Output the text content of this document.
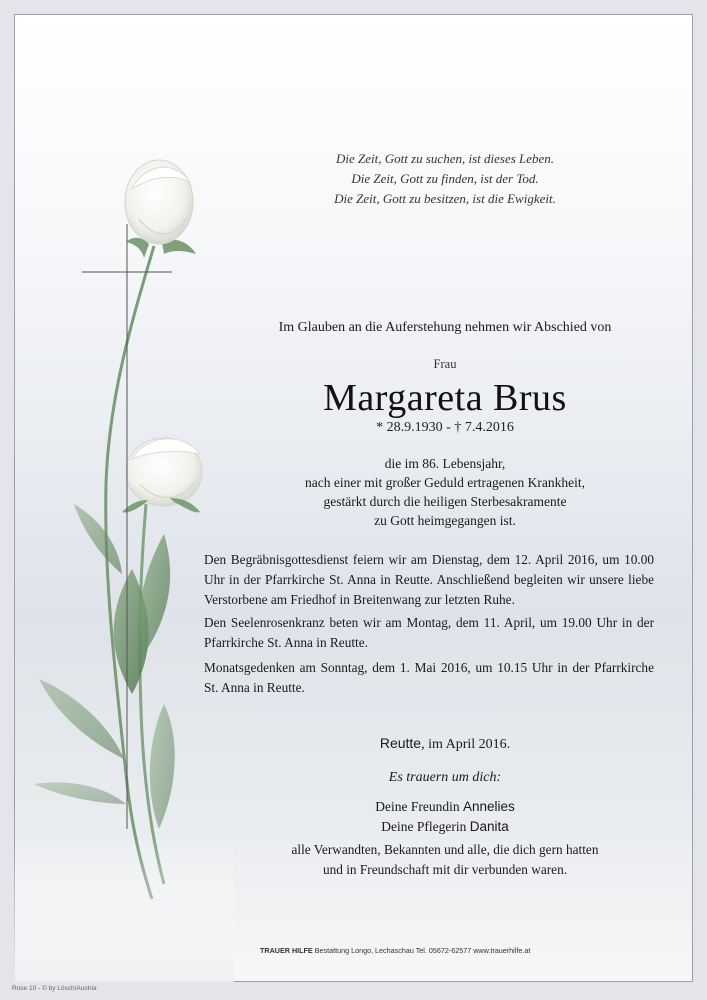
Die Zeit, Gott zu suchen, ist dieses Leben.
Die Zeit, Gott zu finden, ist der Tod.
Die Zeit, Gott zu besitzen, ist die Ewigkeit.
Im Glauben an die Auferstehung nehmen wir Abschied von
Frau
Margareta Brus
* 28.9.1930 - † 7.4.2016
die im 86. Lebensjahr,
nach einer mit großer Geduld ertragenen Krankheit,
gestärkt durch die heiligen Sterbesakramente
zu Gott heimgegangen ist.
Den Begräbnisgottesdienst feiern wir am Dienstag, dem 12. April 2016, um 10.00 Uhr in der Pfarrkirche St. Anna in Reutte. Anschließend begleiten wir unsere liebe Verstorbene am Friedhof in Breitenwang zur letzten Ruhe.
Den Seelenrosenkranz beten wir am Montag, dem 11. April, um 19.00 Uhr in der Pfarrkirche St. Anna in Reutte.
Monatsgedenken am Sonntag, dem 1. Mai 2016, um 10.15 Uhr in der Pfarrkirche St. Anna in Reutte.
Reutte, im April 2016.
Es trauern um dich:
Deine Freundin Annelies
Deine Pflegerin Danita
alle Verwandten, Bekannten und alle, die dich gern hatten
und in Freundschaft mit dir verbunden waren.
TRAUER HILFE Bestattung Longo, Lechaschau Tel. 05672-62577 www.trauerhilfe.at
Rose 10 - © by Lösch/Austria
